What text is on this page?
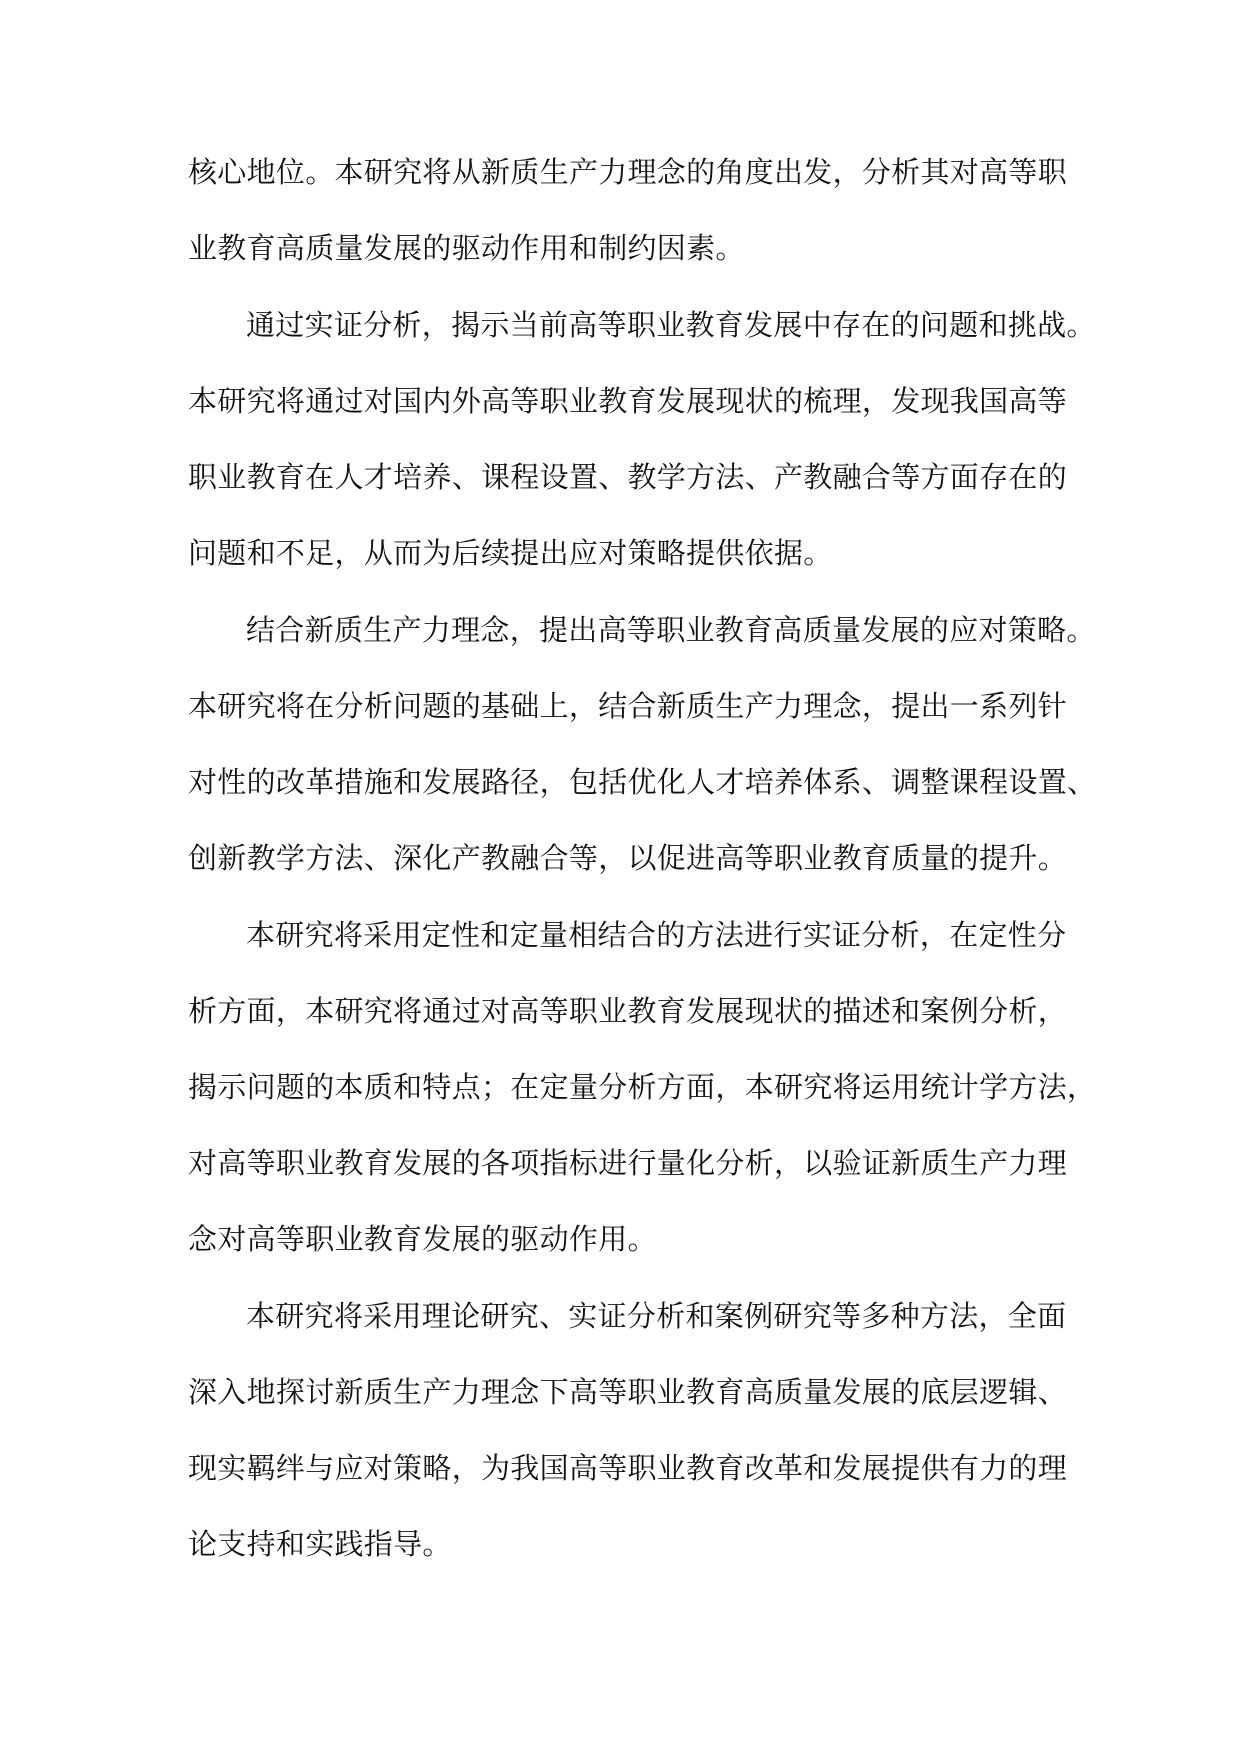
核心地位。本研究将从新质生产力理念的角度出发，分析其对高等职
业教育高质量发展的驱动作用和制约因素。
通过实证分析，揭示当前高等职业教育发展中存在的问题和挑战。
本研究将通过对国内外高等职业教育发展现状的梳理，发现我国高等
职业教育在人才培养、课程设置、教学方法、产教融合等方面存在的
问题和不足，从而为后续提出应对策略提供依据。
结合新质生产力理念，提出高等职业教育高质量发展的应对策略。
本研究将在分析问题的基础上，结合新质生产力理念，提出一系列针
对性的改革措施和发展路径，包括优化人才培养体系、调整课程设置、
创新教学方法、深化产教融合等，以促进高等职业教育质量的提升。
本研究将采用定性和定量相结合的方法进行实证分析，在定性分
析方面，本研究将通过对高等职业教育发展现状的描述和案例分析，
揭示问题的本质和特点；在定量分析方面，本研究将运用统计学方法，
对高等职业教育发展的各项指标进行量化分析，以验证新质生产力理
念对高等职业教育发展的驱动作用。
本研究将采用理论研究、实证分析和案例研究等多种方法，全面
深入地探讨新质生产力理念下高等职业教育高质量发展的底层逻辑、
现实羁绊与应对策略，为我国高等职业教育改革和发展提供有力的理
论支持和实践指导。
